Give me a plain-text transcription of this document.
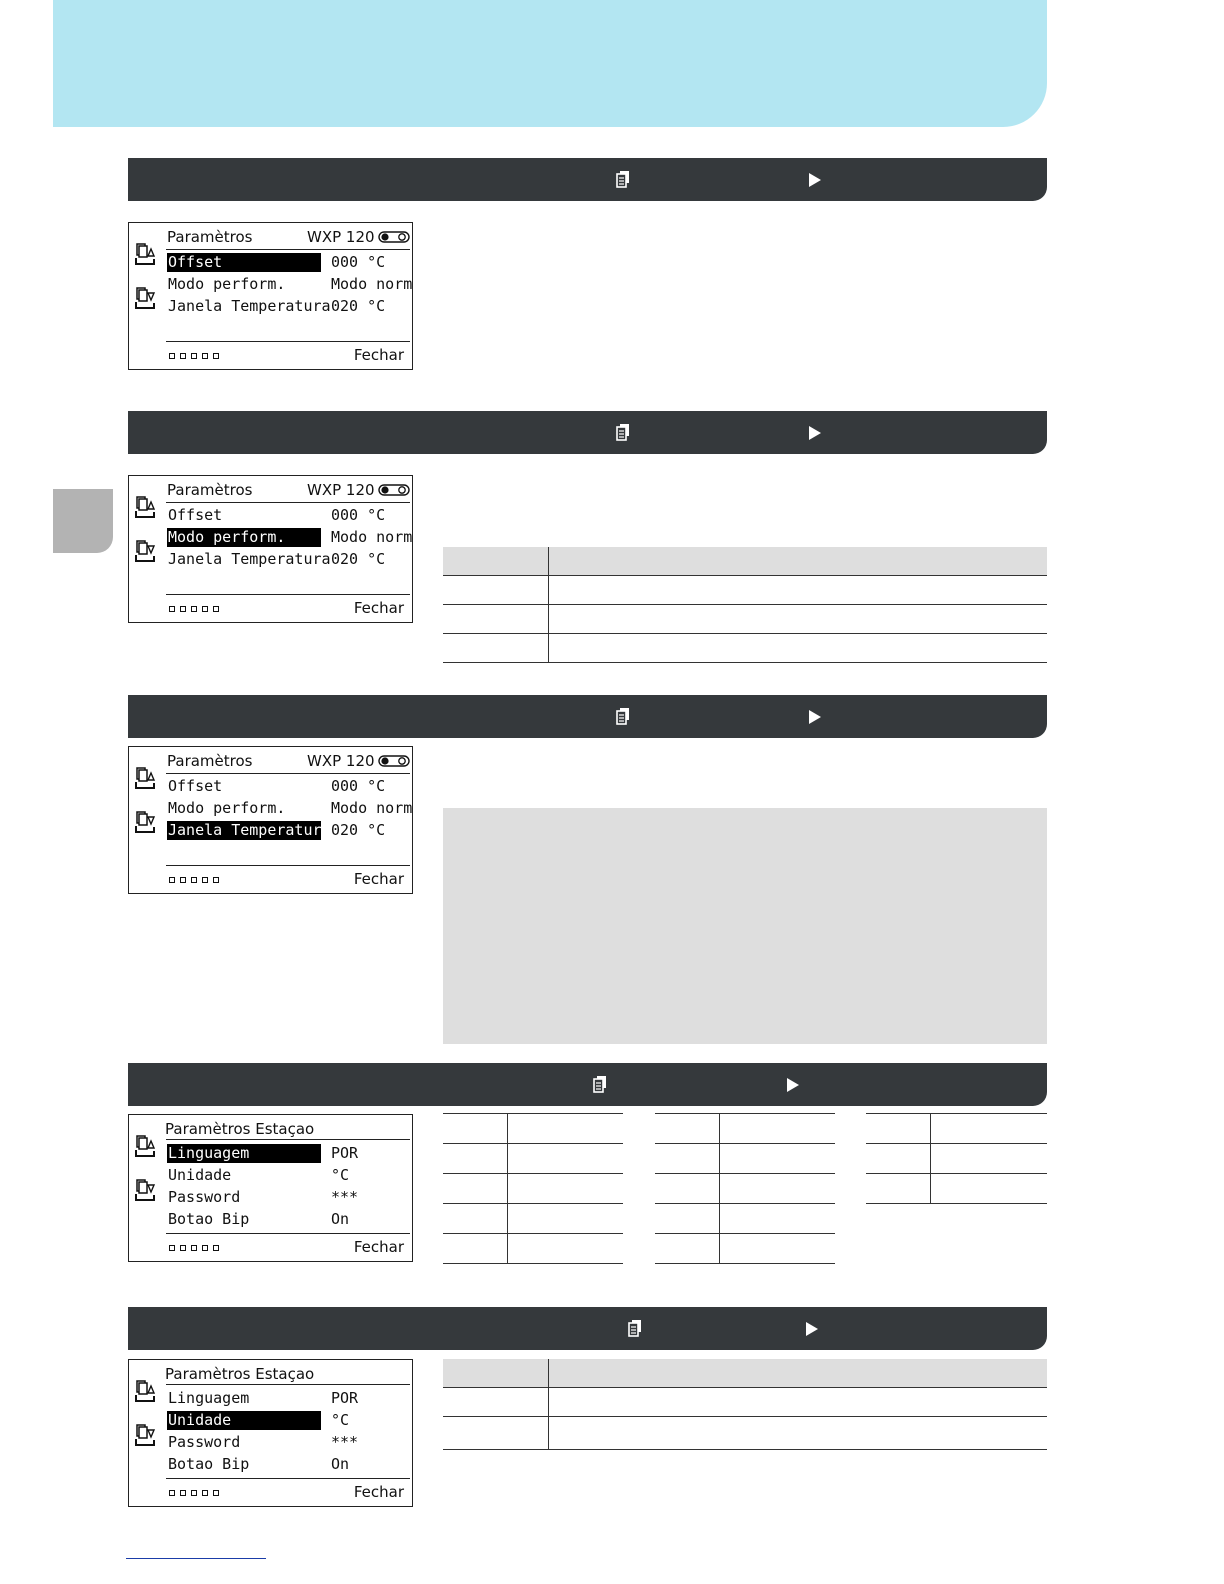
Paramètros	WXP 120
Offset	000 °C
Modo perform.	Modo norm
Janela Temperatura 020 °C
Fechar
Paramètros	WXP 120
Offset	000 °C
Modo perform.	Modo norm
Janela Temperatura 020 °C
Fechar
Paramètros	WXP 120
Offset	000 °C
Modo perform.	Modo norm
Janela Temperatura 020 °C
Fechar
Paramètros Estaçao
Linguagem	POR
Unidade	°C
Password	***
Botao Bip	On
Fechar
Paramètros Estaçao
Linguagem	POR
Unidade	°C
Password	***
Botao Bip	On
Fechar
